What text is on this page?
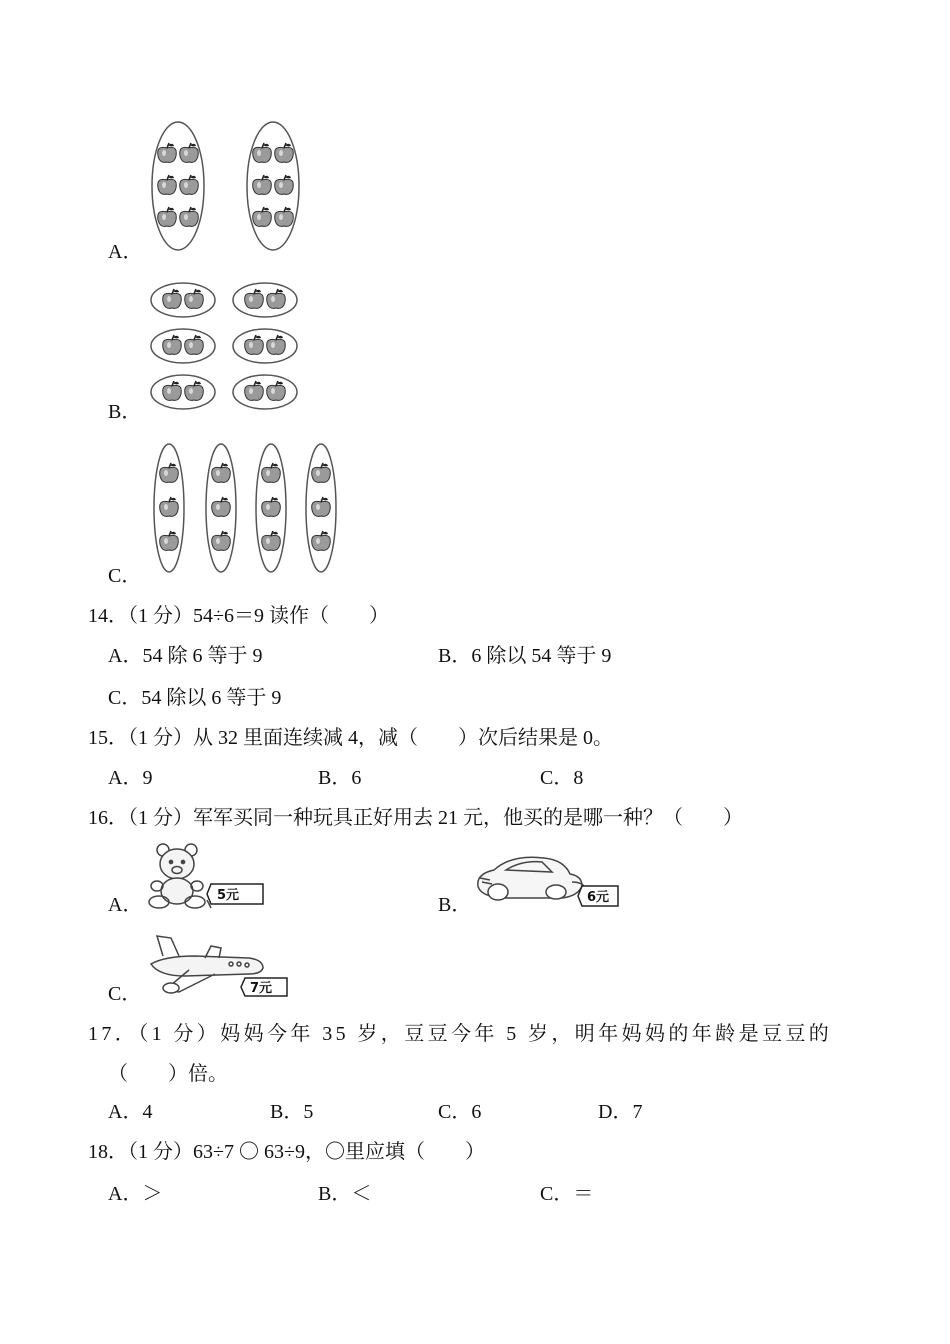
A．
B．
C．
14．（1 分）54÷6＝9 读作（　　）
A．54 除 6 等于 9	B．6 除以 54 等于 9
C．54 除以 6 等于 9
15．（1 分）从 32 里面连续减 4，减（　　）次后结果是 0。
A．9	B．6	C．8
16．（1 分）军军买同一种玩具正好用去 21 元，他买的是哪一种？（　　）
A．	5元	B．	6元
C．	7元
17．（1 分）妈妈今年 35 岁，豆豆今年 5 岁，明年妈妈的年龄是豆豆的
（　　）倍。
A．4	B．5	C．6	D．7
18．（1 分）63÷7 〇 63÷9，〇里应填（　　）
A．＞	B．＜	C．＝
